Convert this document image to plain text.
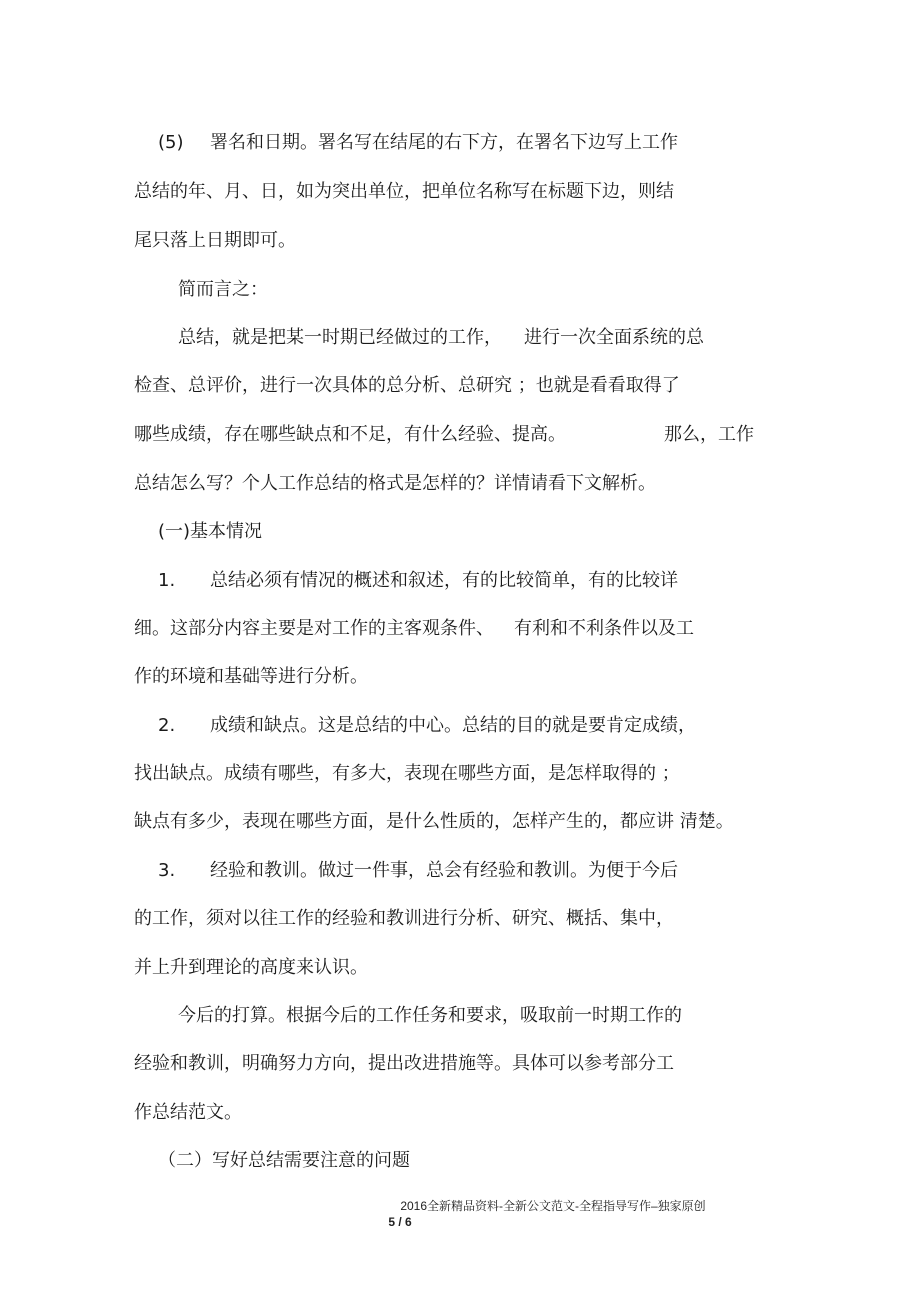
(5) 署名和日期。署名写在结尾的右下方，在署名下边写上工作
总结的年、月、日，如为突出单位，把单位名称写在标题下边，则结
尾只落上日期即可。
简而言之：
总结，就是把某一时期已经做过的工作， 进行一次全面系统的总
检查、总评价，进行一次具体的总分析、总研究 ；也就是看看取得了
哪些成绩，存在哪些缺点和不足，有什么经验、提高。	那么，工作
总结怎么写？个人工作总结的格式是怎样的？详情请看下文解析。
(一)基本情况
1. 总结必须有情况的概述和叙述，有的比较简单，有的比较详
细。这部分内容主要是对工作的主客观条件、 有利和不利条件以及工
作的环境和基础等进行分析。
2. 成绩和缺点。这是总结的中心。总结的目的就是要肯定成绩，
找出缺点。成绩有哪些，有多大，表现在哪些方面，是怎样取得的 ；
缺点有多少，表现在哪些方面，是什么性质的，怎样产生的，都应讲 清楚。
3. 经验和教训。做过一件事，总会有经验和教训。为便于今后
的工作，须对以往工作的经验和教训进行分析、研究、概括、集中，
并上升到理论的高度来认识。
今后的打算。根据今后的工作任务和要求，吸取前一时期工作的
经验和教训，明确努力方向，提出改进措施等。具体可以参考部分工
作总结范文。
（二）写好总结需要注意的问题
2016全新精品资料-全新公文范文-全程指导写作–独家原创
5 / 6
